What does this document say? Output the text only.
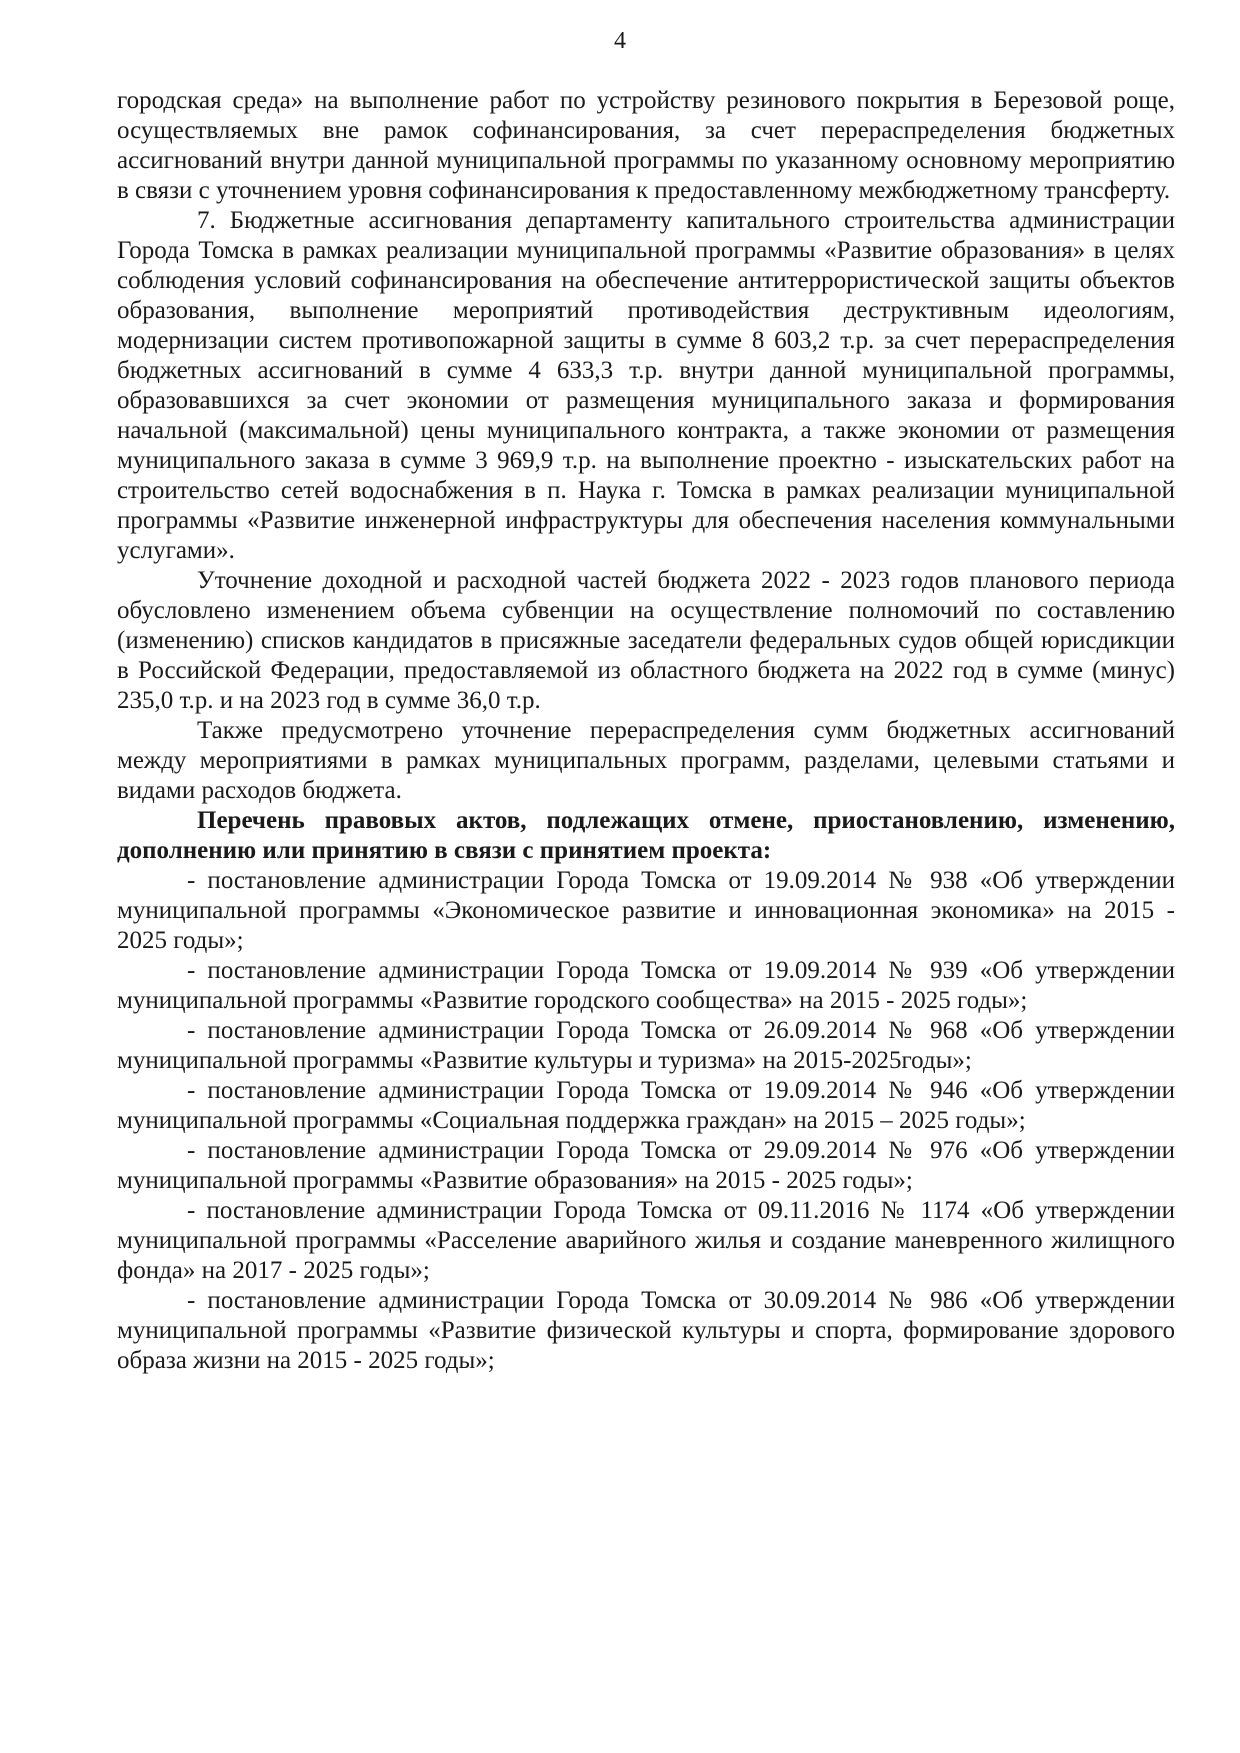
4

городская среда» на выполнение работ по устройству резинового покрытия в Березовой роще, осуществляемых вне рамок софинансирования, за счет перераспределения бюджетных ассигнований внутри данной муниципальной программы по указанному основному мероприятию в связи с уточнением уровня софинансирования к предоставленному межбюджетному трансферту.

7. Бюджетные ассигнования департаменту капитального строительства администрации Города Томска в рамках реализации муниципальной программы «Развитие образования» в целях соблюдения условий софинансирования на обеспечение антитеррористической защиты объектов образования, выполнение мероприятий противодействия деструктивным идеологиям, модернизации систем противопожарной защиты в сумме 8 603,2 т.р. за счет перераспределения бюджетных ассигнований в сумме 4 633,3 т.р. внутри данной муниципальной программы, образовавшихся за счет экономии от размещения муниципального заказа и формирования начальной (максимальной) цены муниципального контракта, а также экономии от размещения муниципального заказа в сумме 3 969,9 т.р. на выполнение проектно - изыскательских работ на строительство сетей водоснабжения в п. Наука г. Томска в рамках реализации муниципальной программы «Развитие инженерной инфраструктуры для обеспечения населения коммунальными услугами».

Уточнение доходной и расходной частей бюджета 2022 - 2023 годов планового периода обусловлено изменением объема субвенции на осуществление полномочий по составлению (изменению) списков кандидатов в присяжные заседатели федеральных судов общей юрисдикции в Российской Федерации, предоставляемой из областного бюджета на 2022 год в сумме (минус) 235,0 т.р. и на 2023 год в сумме 36,0 т.р.

Также предусмотрено уточнение перераспределения сумм бюджетных ассигнований между мероприятиями в рамках муниципальных программ, разделами, целевыми статьями и видами расходов бюджета.

Перечень правовых актов, подлежащих отмене, приостановлению, изменению, дополнению или принятию в связи с принятием проекта:

- постановление администрации Города Томска от 19.09.2014 № 938 «Об утверждении муниципальной программы «Экономическое развитие и инновационная экономика» на 2015 - 2025 годы»;

- постановление администрации Города Томска от 19.09.2014 № 939 «Об утверждении муниципальной программы «Развитие городского сообщества» на 2015 - 2025 годы»;

- постановление администрации Города Томска от 26.09.2014 № 968 «Об утверждении муниципальной программы «Развитие культуры и туризма» на 2015-2025годы»;

- постановление администрации Города Томска от 19.09.2014 № 946 «Об утверждении муниципальной программы «Социальная поддержка граждан» на 2015 – 2025 годы»;

- постановление администрации Города Томска от 29.09.2014 № 976 «Об утверждении муниципальной программы «Развитие образования» на 2015 - 2025 годы»;

- постановление администрации Города Томска от 09.11.2016 № 1174 «Об утверждении муниципальной программы «Расселение аварийного жилья и создание маневренного жилищного фонда» на 2017 - 2025 годы»;

- постановление администрации Города Томска от 30.09.2014 № 986 «Об утверждении муниципальной программы «Развитие физической культуры и спорта, формирование здорового образа жизни на 2015 - 2025 годы»;
